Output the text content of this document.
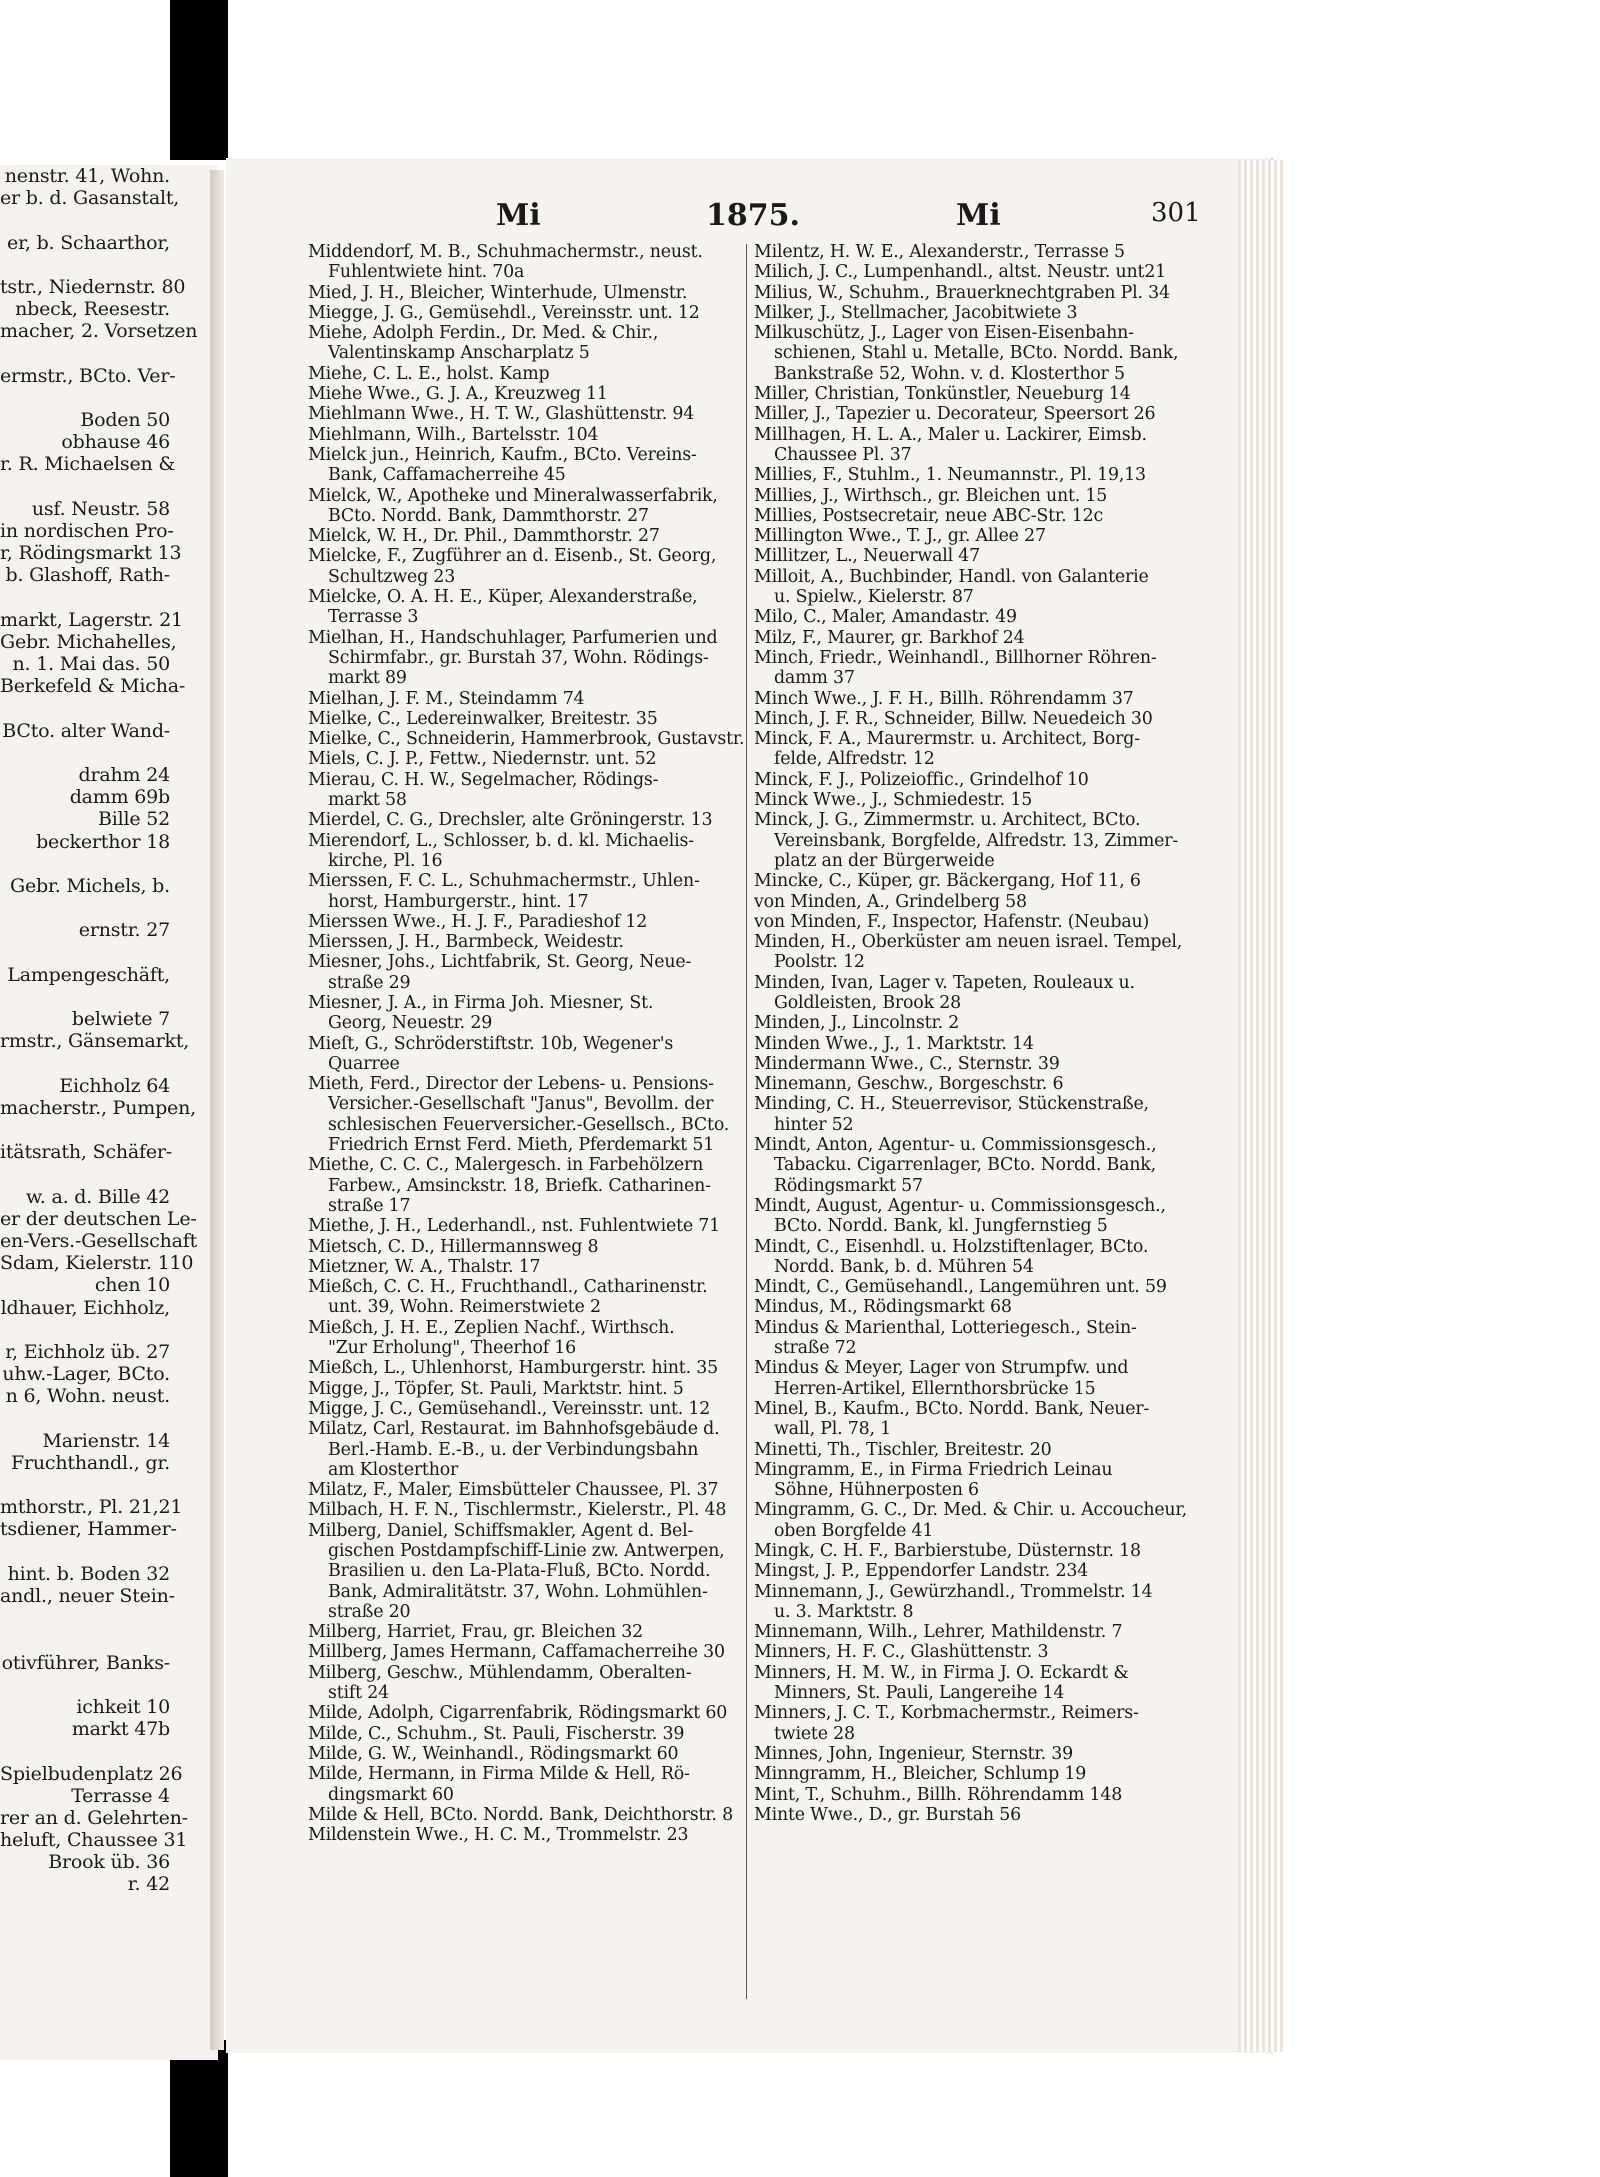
nenstr. 41, Wohn.
er b. d. Gasanstalt,
er, b. Schaarthor,
tstr., Niedernstr. 80
nbeck, Reesestr.
macher, 2. Vorsetzen
ermstr., BCto. Ver-
Boden 50
obhause 46
r. R. Michaelsen &
usf. Neustr. 58
in nordischen Pro-
r, Rödingsmarkt 13
b. Glashoff, Rath-
markt, Lagerstr. 21
Gebr. Michahelles,
n. 1. Mai das. 50
Berkefeld & Micha-
BCto. alter Wand-
drahm 24
damm 69b
Bille 52
beckerthor 18
Gebr. Michels, b.
ernstr. 27
Lampengeschäft,
belwiete 7
rmstr., Gänsemarkt,
Eichholz 64
macherstr., Pumpen,
itätsrath, Schäfer-
w. a. d. Bille 42
er der deutschen Le-
en-Vers.-Gesellschaft
Sdam, Kielerstr. 110
chen 10
ldhauer, Eichholz,
r, Eichholz üb. 27
uhw.-Lager, BCto.
n 6, Wohn. neust.
Marienstr. 14
Fruchthandl., gr.
mthorstr., Pl. 21,21
tsdiener, Hammer-
hint. b. Boden 32
andl., neuer Stein-
otivführer, Banks-
ichkeit 10
markt 47b
Spielbudenplatz 26
Terrasse 4
rer an d. Gelehrten-
heluft, Chaussee 31
Brook üb. 36
r. 42
Mi	1875.	Mi	301
Middendorf, M. B., Schuhmachermstr., neust.
Fuhlentwiete hint. 70a
Mied, J. H., Bleicher, Winterhude, Ulmenstr.
Miegge, J. G., Gemüsehdl., Vereinsstr. unt. 12
Miehe, Adolph Ferdin., Dr. Med. & Chir.,
Valentinskamp Anscharplatz 5
Miehe, C. L. E., holst. Kamp
Miehe Wwe., G. J. A., Kreuzweg 11
Miehlmann Wwe., H. T. W., Glashüttenstr. 94
Miehlmann, Wilh., Bartelsstr. 104
Mielck jun., Heinrich, Kaufm., BCto. Vereins-
Bank, Caffamacherreihe 45
Mielck, W., Apotheke und Mineralwasserfabrik,
BCto. Nordd. Bank, Dammthorstr. 27
Mielck, W. H., Dr. Phil., Dammthorstr. 27
Mielcke, F., Zugführer an d. Eisenb., St. Georg,
Schultzweg 23
Mielcke, O. A. H. E., Küper, Alexanderstraße,
Terrasse 3
Mielhan, H., Handschuhlager, Parfumerien und
Schirmfabr., gr. Burstah 37, Wohn. Rödings-
markt 89
Mielhan, J. F. M., Steindamm 74
Mielke, C., Ledereinwalker, Breitestr. 35
Mielke, C., Schneiderin, Hammerbrook, Gustavstr.
Miels, C. J. P., Fettw., Niedernstr. unt. 52
Mierau, C. H. W., Segelmacher, Rödings-
markt 58
Mierdel, C. G., Drechsler, alte Gröningerstr. 13
Mierendorf, L., Schlosser, b. d. kl. Michaelis-
kirche, Pl. 16
Mierssen, F. C. L., Schuhmachermstr., Uhlen-
horst, Hamburgerstr., hint. 17
Mierssen Wwe., H. J. F., Paradieshof 12
Mierssen, J. H., Barmbeck, Weidestr.
Miesner, Johs., Lichtfabrik, St. Georg, Neue-
straße 29
Miesner, J. A., in Firma Joh. Miesner, St.
Georg, Neuestr. 29
Mieſt, G., Schröderstiftstr. 10b, Wegener's
Quarree
Mieth, Ferd., Director der Lebens- u. Pensions-
Versicher.-Gesellschaft "Janus", Bevollm. der
schlesischen Feuerversicher.-Gesellsch., BCto.
Friedrich Ernst Ferd. Mieth, Pferdemarkt 51
Miethe, C. C. C., Malergesch. in Farbehölzern
Farbew., Amsinckstr. 18, Briefk. Catharinen-
straße 17
Miethe, J. H., Lederhandl., nst. Fuhlentwiete 71
Mietsch, C. D., Hillermannsweg 8
Mietzner, W. A., Thalstr. 17
Mießch, C. C. H., Fruchthandl., Catharinenstr.
unt. 39, Wohn. Reimerstwiete 2
Mießch, J. H. E., Zeplien Nachf., Wirthsch.
"Zur Erholung", Theerhof 16
Mießch, L., Uhlenhorst, Hamburgerstr. hint. 35
Migge, J., Töpfer, St. Pauli, Marktstr. hint. 5
Migge, J. C., Gemüsehandl., Vereinsstr. unt. 12
Milatz, Carl, Restaurat. im Bahnhofsgebäude d.
Berl.-Hamb. E.-B., u. der Verbindungsbahn
am Klosterthor
Milatz, F., Maler, Eimsbütteler Chaussee, Pl. 37
Milbach, H. F. N., Tischlermstr., Kielerstr., Pl. 48
Milberg, Daniel, Schiffsmakler, Agent d. Bel-
gischen Postdampfschiff-Linie zw. Antwerpen,
Brasilien u. den La-Plata-Fluß, BCto. Nordd.
Bank, Admiralitätstr. 37, Wohn. Lohmühlen-
straße 20
Milberg, Harriet, Frau, gr. Bleichen 32
Millberg, James Hermann, Caffamacherreihe 30
Milberg, Geschw., Mühlendamm, Oberalten-
stift 24
Milde, Adolph, Cigarrenfabrik, Rödingsmarkt 60
Milde, C., Schuhm., St. Pauli, Fischerstr. 39
Milde, G. W., Weinhandl., Rödingsmarkt 60
Milde, Hermann, in Firma Milde & Hell, Rö-
dingsmarkt 60
Milde & Hell, BCto. Nordd. Bank, Deichthorstr. 8
Mildenstein Wwe., H. C. M., Trommelstr. 23
Milentz, H. W. E., Alexanderstr., Terrasse 5
Milich, J. C., Lumpenhandl., altst. Neustr. unt21
Milius, W., Schuhm., Brauerknechtgraben Pl. 34
Milker, J., Stellmacher, Jacobitwiete 3
Milkuschütz, J., Lager von Eisen-Eisenbahn-
schienen, Stahl u. Metalle, BCto. Nordd. Bank,
Bankstraße 52, Wohn. v. d. Klosterthor 5
Miller, Christian, Tonkünstler, Neueburg 14
Miller, J., Tapezier u. Decorateur, Speersort 26
Millhagen, H. L. A., Maler u. Lackirer, Eimsb.
Chaussee Pl. 37
Millies, F., Stuhlm., 1. Neumannstr., Pl. 19,13
Millies, J., Wirthsch., gr. Bleichen unt. 15
Millies, Postsecretair, neue ABC-Str. 12c
Millington Wwe., T. J., gr. Allee 27
Millitzer, L., Neuerwall 47
Milloit, A., Buchbinder, Handl. von Galanterie
u. Spielw., Kielerstr. 87
Milo, C., Maler, Amandastr. 49
Milz, F., Maurer, gr. Barkhof 24
Minch, Friedr., Weinhandl., Billhorner Röhren-
damm 37
Minch Wwe., J. F. H., Billh. Röhrendamm 37
Minch, J. F. R., Schneider, Billw. Neuedeich 30
Minck, F. A., Maurermstr. u. Architect, Borg-
felde, Alfredstr. 12
Minck, F. J., Polizeioffic., Grindelhof 10
Minck Wwe., J., Schmiedestr. 15
Minck, J. G., Zimmermstr. u. Architect, BCto.
Vereinsbank, Borgfelde, Alfredstr. 13, Zimmer-
platz an der Bürgerweide
Mincke, C., Küper, gr. Bäckergang, Hof 11, 6
von Minden, A., Grindelberg 58
von Minden, F., Inspector, Hafenstr. (Neubau)
Minden, H., Oberküster am neuen israel. Tempel,
Poolstr. 12
Minden, Ivan, Lager v. Tapeten, Rouleaux u.
Goldleisten, Brook 28
Minden, J., Lincolnstr. 2
Minden Wwe., J., 1. Marktstr. 14
Mindermann Wwe., C., Sternstr. 39
Minemann, Geschw., Borgeschstr. 6
Minding, C. H., Steuerrevisor, Stückenstraße,
hinter 52
Mindt, Anton, Agentur- u. Commissionsgesch.,
Tabacku. Cigarrenlager, BCto. Nordd. Bank,
Rödingsmarkt 57
Mindt, August, Agentur- u. Commissionsgesch.,
BCto. Nordd. Bank, kl. Jungfernstieg 5
Mindt, C., Eisenhdl. u. Holzstiftenlager, BCto.
Nordd. Bank, b. d. Mühren 54
Mindt, C., Gemüsehandl., Langemühren unt. 59
Mindus, M., Rödingsmarkt 68
Mindus & Marienthal, Lotteriegesch., Stein-
straße 72
Mindus & Meyer, Lager von Strumpfw. und
Herren-Artikel, Ellernthorsbrücke 15
Minel, B., Kaufm., BCto. Nordd. Bank, Neuer-
wall, Pl. 78, 1
Minetti, Th., Tischler, Breitestr. 20
Mingramm, E., in Firma Friedrich Leinau
Söhne, Hühnerposten 6
Mingramm, G. C., Dr. Med. & Chir. u. Accoucheur,
oben Borgfelde 41
Mingk, C. H. F., Barbierstube, Düsternstr. 18
Mingst, J. P., Eppendorfer Landstr. 234
Minnemann, J., Gewürzhandl., Trommelstr. 14
u. 3. Marktstr. 8
Minnemann, Wilh., Lehrer, Mathildenstr. 7
Minners, H. F. C., Glashüttenstr. 3
Minners, H. M. W., in Firma J. O. Eckardt &
Minners, St. Pauli, Langereihe 14
Minners, J. C. T., Korbmachermstr., Reimers-
twiete 28
Minnes, John, Ingenieur, Sternstr. 39
Minngramm, H., Bleicher, Schlump 19
Mint, T., Schuhm., Billh. Röhrendamm 148
Minte Wwe., D., gr. Burstah 56
